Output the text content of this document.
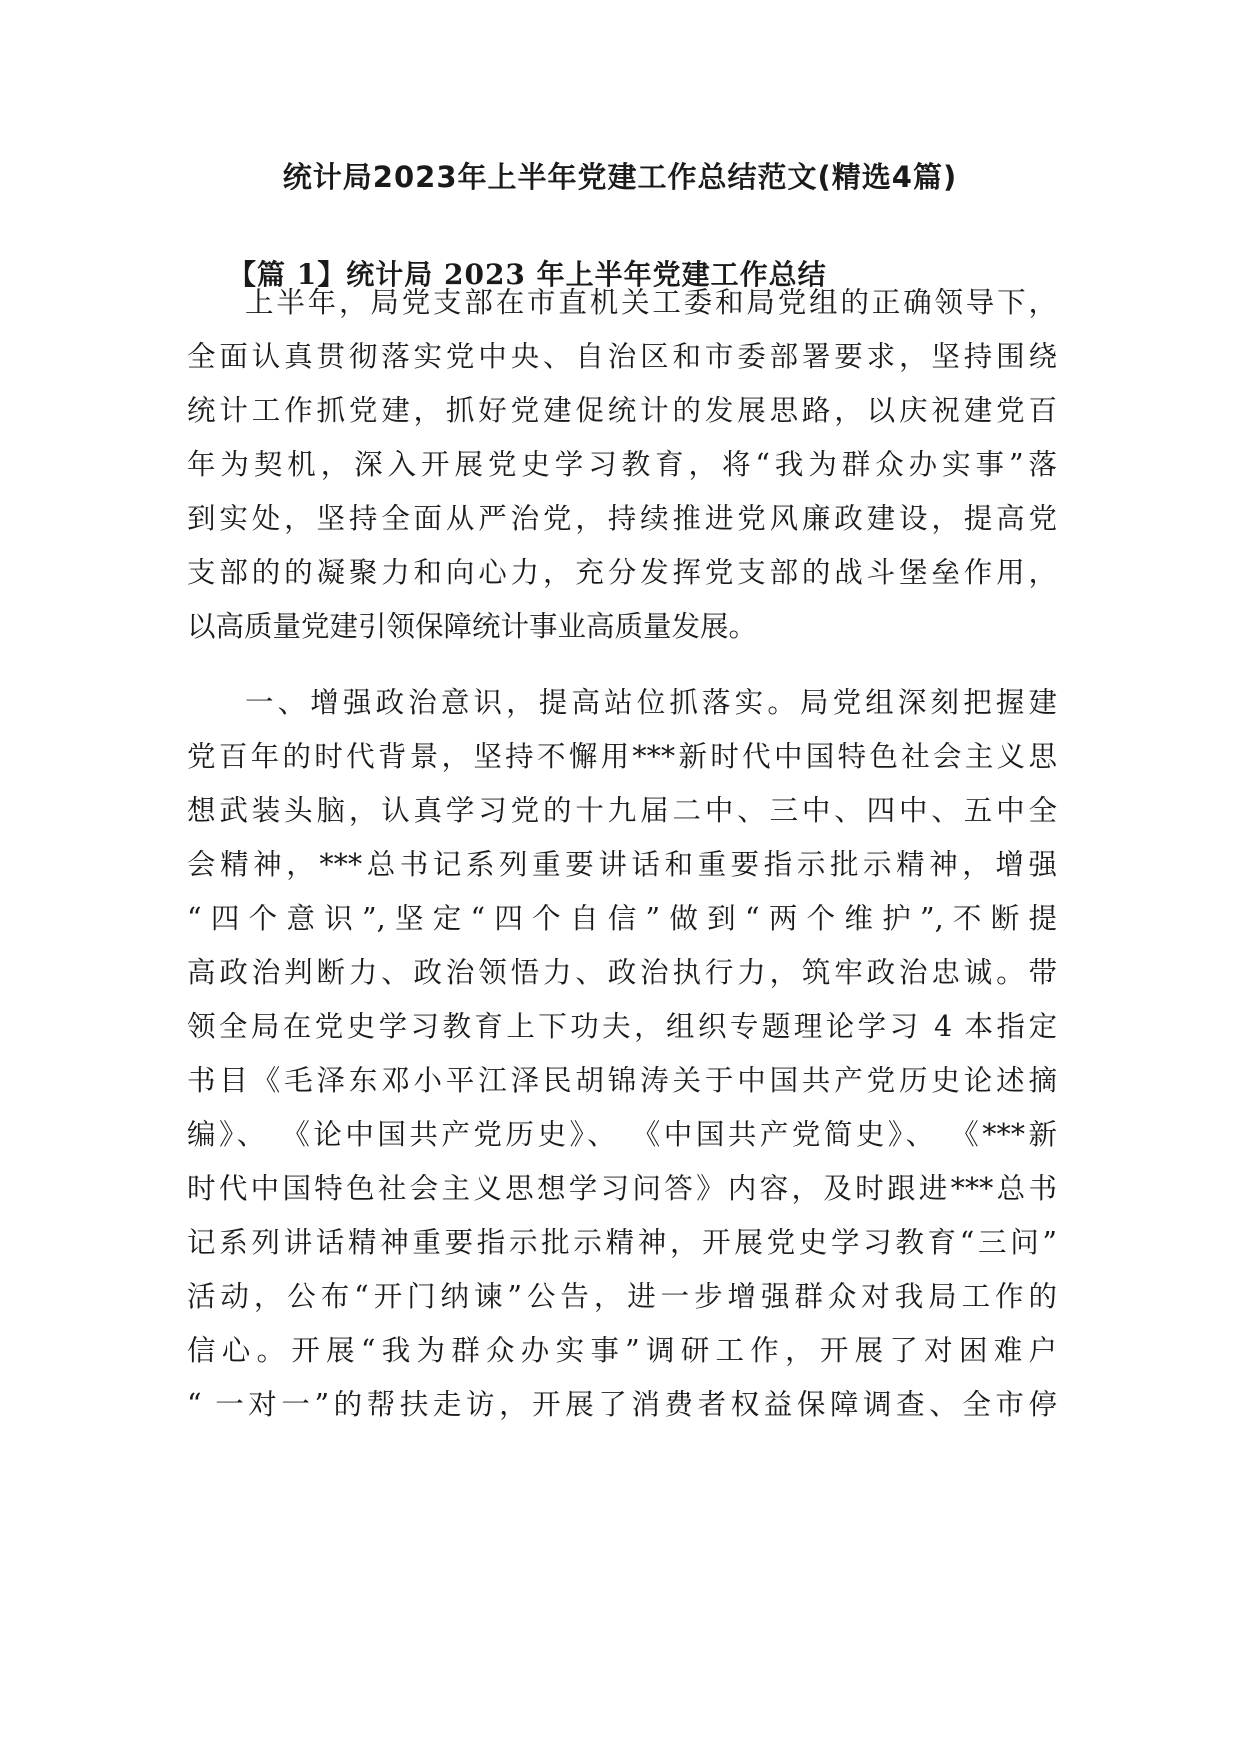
统计局2023年上半年党建工作总结范文(精选4篇)
【篇 1】统计局 2023 年上半年党建工作总结
上半年，局党支部在市直机关工委和局党组的正确领导下，
全面认真贯彻落实党中央、自治区和市委部署要求，坚持围绕
统计工作抓党建，抓好党建促统计的发展思路，以庆祝建党百
年为契机，深入开展党史学习教育，将“我为群众办实事”落
到实处，坚持全面从严治党，持续推进党风廉政建设，提高党
支部的的凝聚力和向心力，充分发挥党支部的战斗堡垒作用，
以高质量党建引领保障统计事业高质量发展。
一、增强政治意识，提高站位抓落实。局党组深刻把握建
党百年的时代背景，坚持不懈用***新时代中国特色社会主义思
想武装头脑，认真学习党的十九届二中、三中、四中、五中全
会精神，***总书记系列重要讲话和重要指示批示精神，增强
“四个意识”,坚定“四个自信”做到“两个维护”,不断提
高政治判断力、政治领悟力、政治执行力，筑牢政治忠诚。带
领全局在党史学习教育上下功夫，组织专题理论学习 4 本指定
书目《毛泽东邓小平江泽民胡锦涛关于中国共产党历史论述摘
编》、 《论中国共产党历史》、 《中国共产党简史》、 《***新
时代中国特色社会主义思想学习问答》内容，及时跟进***总书
记系列讲话精神重要指示批示精神，开展党史学习教育“三问”
活动，公布“开门纳谏”公告，进一步增强群众对我局工作的
信心。开展“我为群众办实事”调研工作，开展了对困难户
“ 一对一”的帮扶走访，开展了消费者权益保障调查、全市停
